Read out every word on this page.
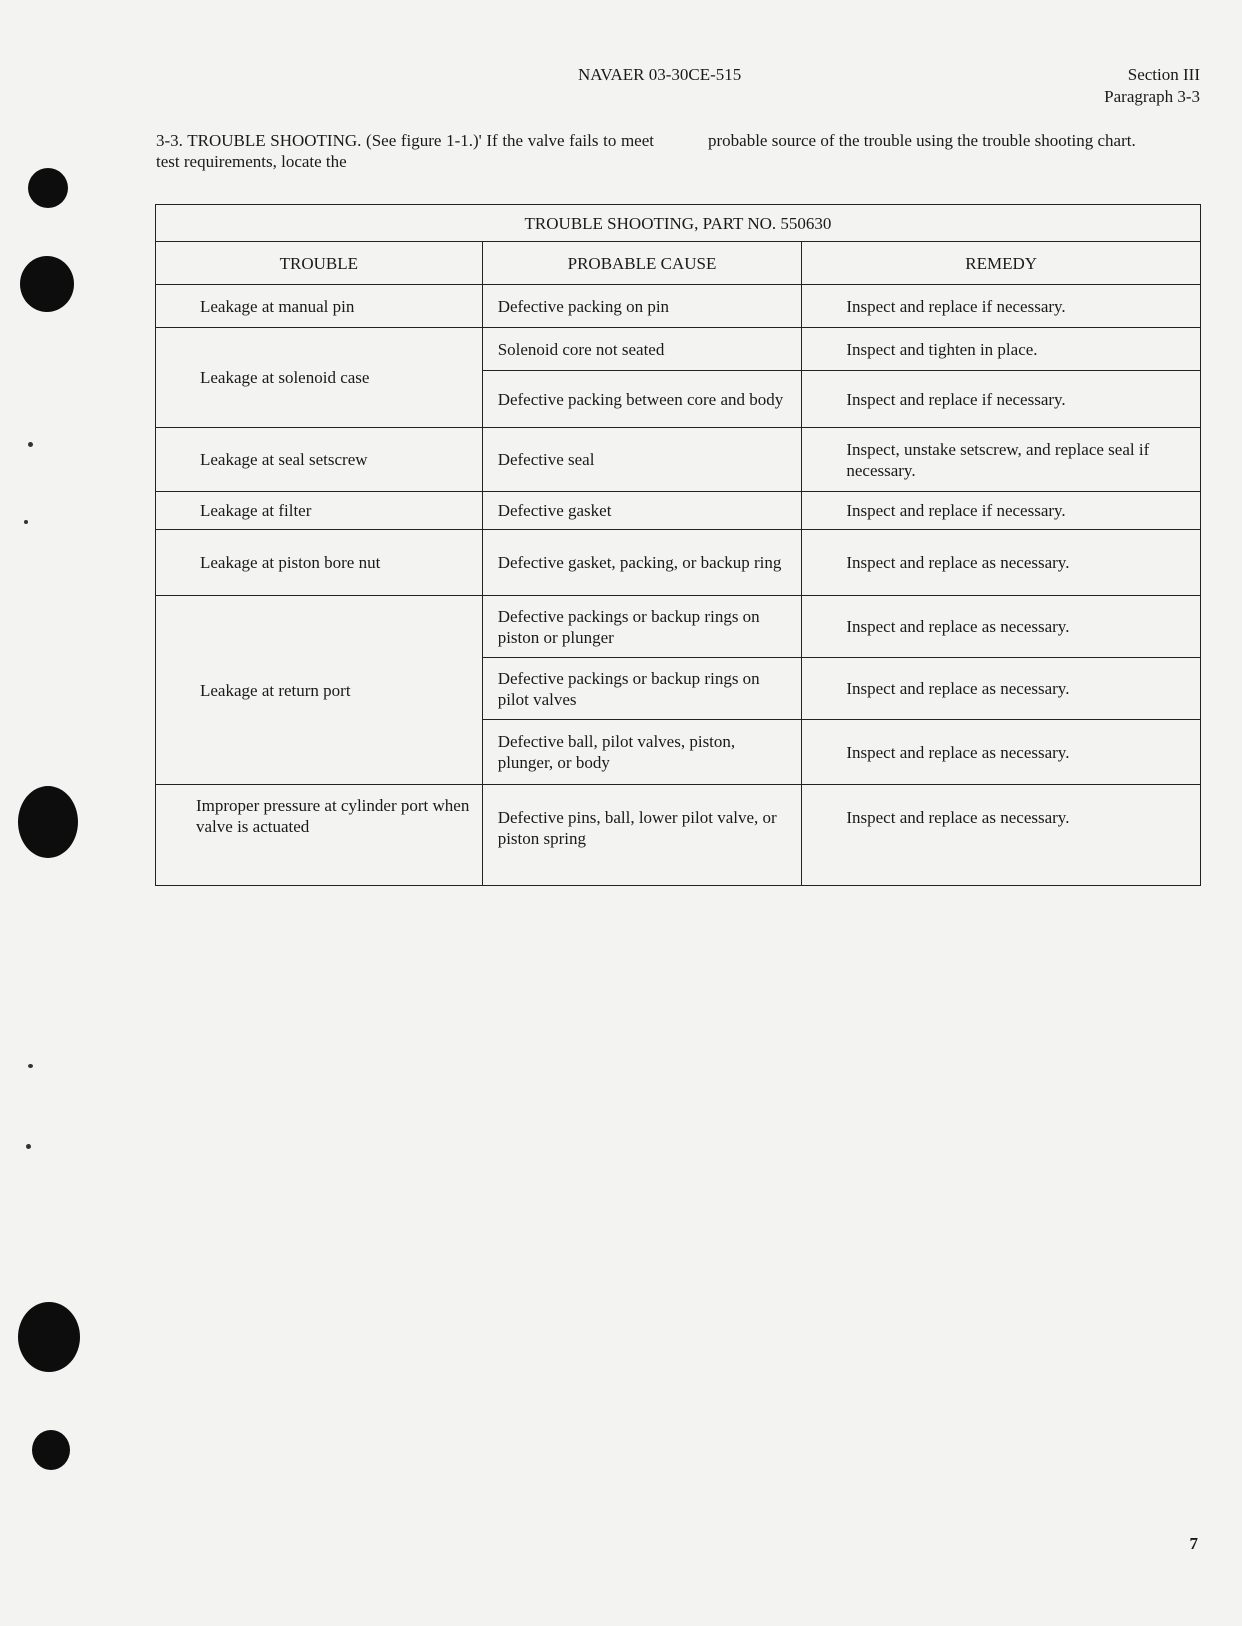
NAVAER 03-30CE-515	Section III
Paragraph 3-3
3-3. TROUBLE SHOOTING. (See figure 1-1.)' If the valve fails to meet test requirements, locate the
probable source of the trouble using the trouble shooting chart.
TROUBLE SHOOTING, PART NO. 550630		
TROUBLE	PROBABLE CAUSE	REMEDY
Leakage at manual pin	Defective packing on pin	Inspect and replace if necessary.
Leakage at solenoid case	Solenoid core not seated	Inspect and tighten in place.
	Defective packing between core and body	Inspect and replace if necessary.
Leakage at seal setscrew	Defective seal	Inspect, unstake setscrew, and replace seal if necessary.
Leakage at filter	Defective gasket	Inspect and replace if necessary.
Leakage at piston bore nut	Defective gasket, packing, or backup ring	Inspect and replace as necessary.
Leakage at return port	Defective packings or backup rings on piston or plunger	Inspect and replace as necessary.
	Defective packings or backup rings on pilot valves	Inspect and replace as necessary.
	Defective ball, pilot valves, piston, plunger, or body	Inspect and replace as necessary.
Improper pressure at cylinder port when valve is actuated	Defective pins, ball, lower pilot valve, or piston spring	Inspect and replace as necessary.
7
